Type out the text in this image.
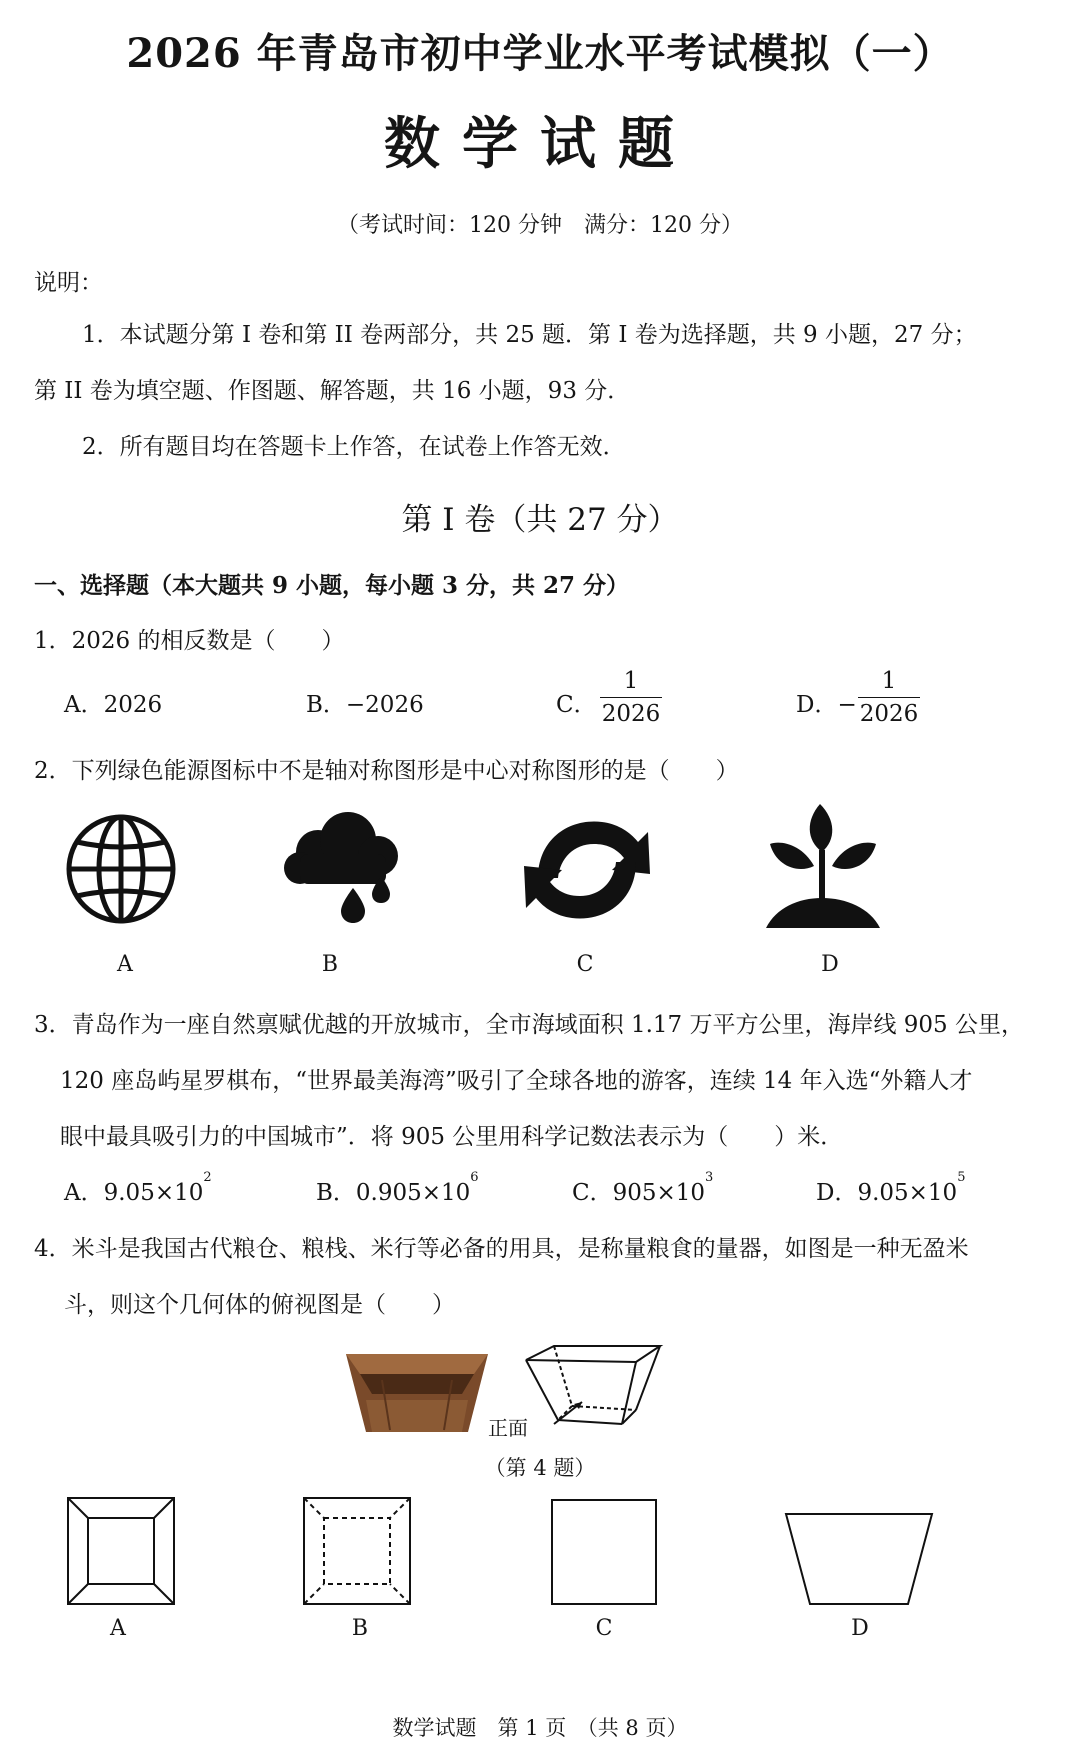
2026 年青岛市初中学业水平考试模拟（一）
数学试题
（考试时间：120 分钟　满分：120 分）
说明：
1．本试题分第 I 卷和第 II 卷两部分，共 25 题．第 I 卷为选择题，共 9 小题，27 分；
第 II 卷为填空题、作图题、解答题，共 16 小题，93 分．
2．所有题目均在答题卡上作答，在试卷上作答无效．
第 I 卷（共 27 分）
一、选择题（本大题共 9 小题，每小题 3 分，共 27 分）
1．2026 的相反数是（　　）
A．2026	B．−2026	C．
1
2026	D．−
1
2026
2．下列绿色能源图标中不是轴对称图形是中心对称图形的是（　　）
A	B	C	D
3．青岛作为一座自然禀赋优越的开放城市，全市海域面积 1.17 万平方公里，海岸线 905 公里，
120 座岛屿星罗棋布，“世界最美海湾”吸引了全球各地的游客，连续 14 年入选“外籍人才
眼中最具吸引力的中国城市”．将 905 公里用科学记数法表示为（　　）米．
A．$9.05\times 10^2$
B．$0.905\times 10^6$
C．$905\times 10^3$
D．$9.05\times 10^5$
4．米斗是我国古代粮仓、粮栈、米行等必备的用具，是称量粮食的量器，如图是一种无盈米
斗，则这个几何体的俯视图是（　　）
正面
（第 4 题）
A	B	C	D
数学试题　第 1 页　（共 8 页）
